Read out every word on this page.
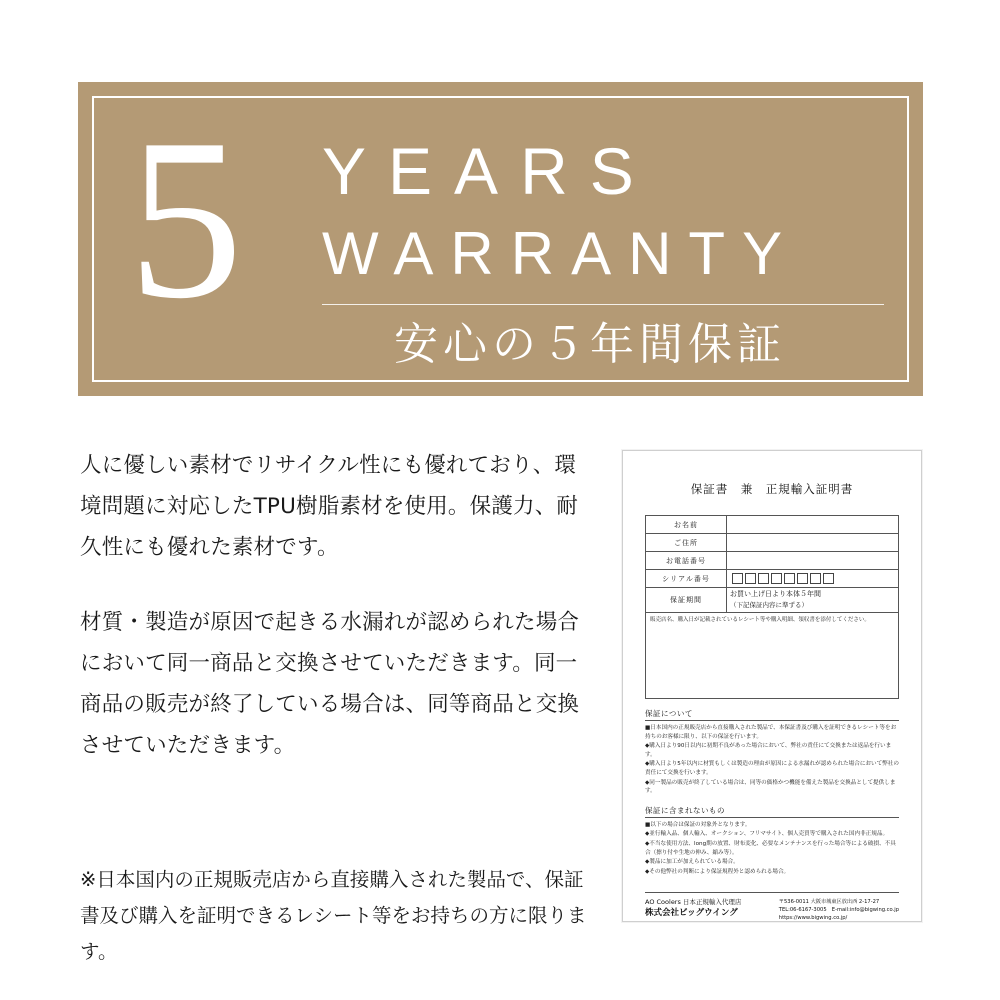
5 YEARS
WARRANTY
安心の５年間保証

人に優しい素材でリサイクル性にも優れており、環境問題に対応したTPU樹脂素材を使用。保護力、耐久性にも優れた素材です。

材質・製造が原因で起きる水漏れが認められた場合において同一商品と交換させていただきます。同一商品の販売が終了している場合は、同等商品と交換させていただきます。

※日本国内の正規販売店から直接購入された製品で、保証書及び購入を証明できるレシート等をお持ちの方に限ります。
保証書　兼　正規輸入証明書
お名前	
ご住所	
お電話番号	
シリアル番号	

保証期間	お買い上げ日より本体５年間
（下記保証内容に準ずる）
販売店名、購入日が記載されているレシート等や購入明細、領収書を添付してください。
保証について
■日本国内の正規販売店から直接購入された製品で、本保証書及び購入を証明できるレシート等をお持ちのお客様に限り、以下の保証を行います。
◆購入日より90日以内に初期不良があった場合において、弊社の責任にて交換または返品を行います。
◆購入日より5年以内に材質もしくは製造の理由が原因による水漏れが認められた場合において弊社の責任にて交換を行います。
◆同一製品の販売が終了している場合は、同等の価格かつ機能を備えた製品を交換品として提供します。
保証に含まれないもの
■以下の場合は保証の対象外となります。
◆並行輸入品、個人輸入、オークション、フリマサイト、個人売買等で購入された国内非正規品。
◆不当な使用方法、long期の放置、財布変化、必要なメンテナンスを行った場合等による破損、不具合（擦り付や生地の伸み、縮み等）。
◆製品に加工が加えられている場合。
◆その他弊社の判断により保証規程外と認められる場合。
AO Coolers 日本正規輸入代理店
株式会社ビッグウイング
〒536-0011 大阪市城東区放出西 2-17-27
TEL:06-6167-3005　E-mail:info@bigwing.co.jp
https://www.bigwing.co.jp/
